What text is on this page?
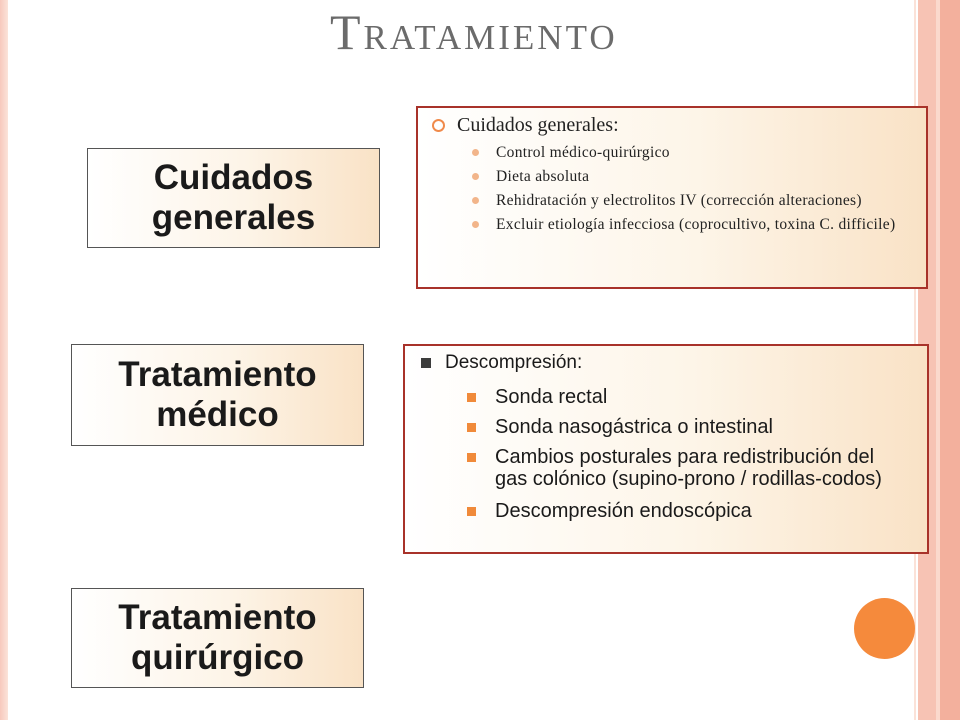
Tratamiento
Cuidados generales
Tratamiento médico
Tratamiento quirúrgico
Cuidados generales:
Control médico-quirúrgico
Dieta absoluta
Rehidratación y electrolitos IV (corrección alteraciones)
Excluir etiología infecciosa (coprocultivo, toxina C. difficile)
Descompresión:
Sonda rectal
Sonda nasogástrica o intestinal
Cambios posturales para redistribución del gas colónico (supino-prono / rodillas-codos)
Descompresión endoscópica
